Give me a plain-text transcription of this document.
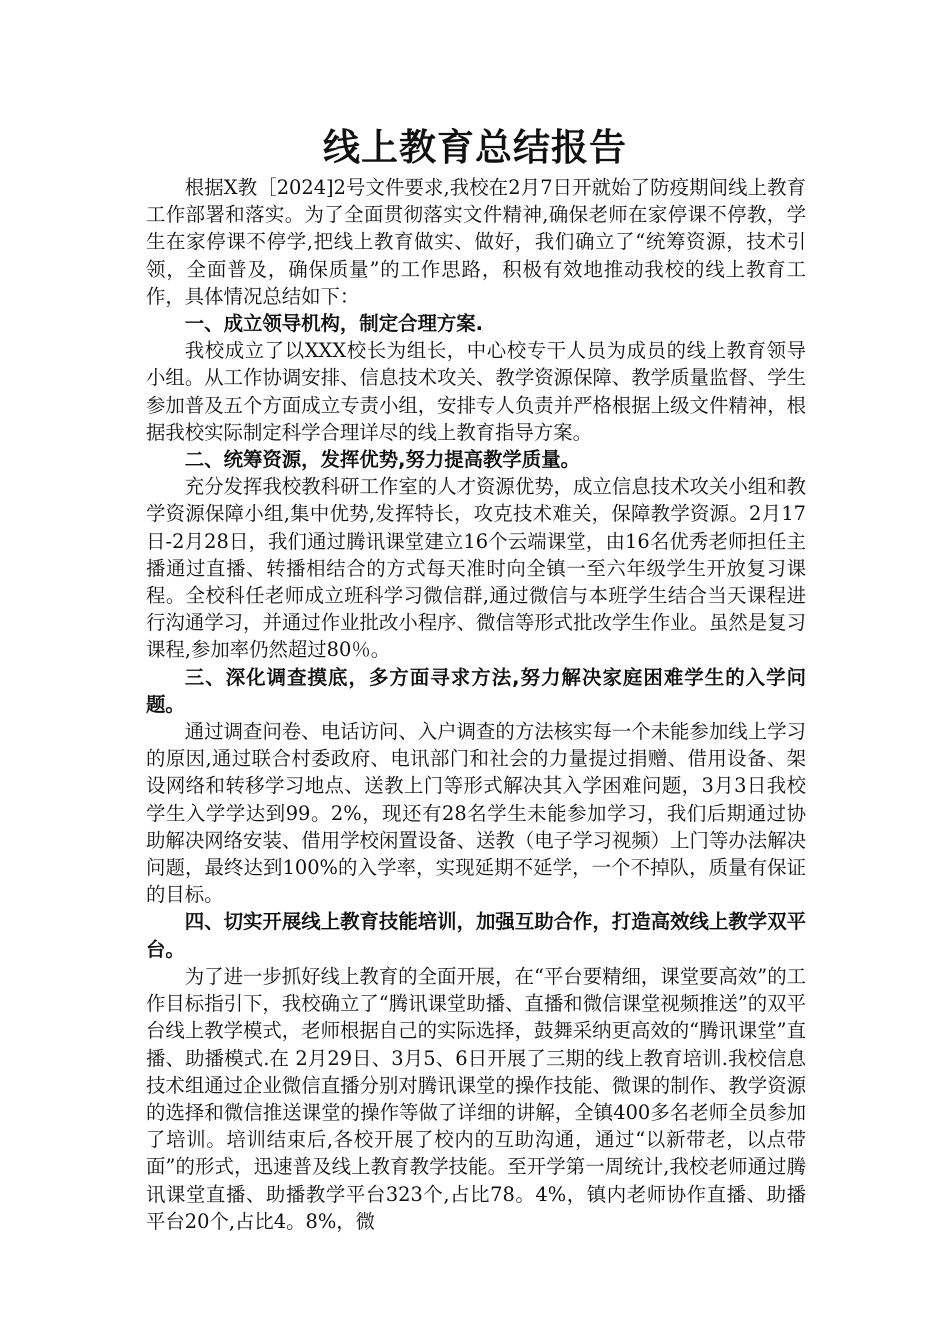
线上教育总结报告

根据X教［2024]2号文件要求,我校在2月7日开就始了防疫期间线上教育工作部署和落实。为了全面贯彻落实文件精神,确保老师在家停课不停教，学生在家停课不停学,把线上教育做实、做好，我们确立了“统筹资源，技术引领，全面普及，确保质量”的工作思路，积极有效地推动我校的线上教育工作，具体情况总结如下：

一、成立领导机构，制定合理方案.

我校成立了以XXX校长为组长，中心校专干人员为成员的线上教育领导小组。从工作协调安排、信息技术攻关、教学资源保障、教学质量监督、学生参加普及五个方面成立专责小组，安排专人负责并严格根据上级文件精神，根据我校实际制定科学合理详尽的线上教育指导方案。

二、统筹资源，发挥优势,努力提高教学质量。

充分发挥我校教科研工作室的人才资源优势，成立信息技术攻关小组和教学资源保障小组,集中优势,发挥特长，攻克技术难关，保障教学资源。2月17日-2月28日，我们通过腾讯课堂建立16个云端课堂，由16名优秀老师担任主播通过直播、转播相结合的方式每天准时向全镇一至六年级学生开放复习课程。全校科任老师成立班科学习微信群,通过微信与本班学生结合当天课程进行沟通学习，并通过作业批改小程序、微信等形式批改学生作业。虽然是复习课程,参加率仍然超过80％。

三、深化调查摸底，多方面寻求方法,努力解决家庭困难学生的入学问题。

通过调查问卷、电话访问、入户调查的方法核实每一个未能参加线上学习的原因,通过联合村委政府、电讯部门和社会的力量提过捐赠、借用设备、架设网络和转移学习地点、送教上门等形式解决其入学困难问题，3月3日我校学生入学学达到99。2%，现还有28名学生未能参加学习，我们后期通过协助解决网络安装、借用学校闲置设备、送教（电子学习视频）上门等办法解决问题，最终达到100%的入学率，实现延期不延学，一个不掉队，质量有保证的目标。

四、切实开展线上教育技能培训，加强互助合作，打造高效线上教学双平台。

为了进一步抓好线上教育的全面开展，在“平台要精细，课堂要高效”的工作目标指引下，我校确立了“腾讯课堂助播、直播和微信课堂视频推送”的双平台线上教学模式，老师根据自己的实际选择，鼓舞采纳更高效的“腾讯课堂”直播、助播模式.在 2月29日、3月5、6日开展了三期的线上教育培训.我校信息技术组通过企业微信直播分别对腾讯课堂的操作技能、微课的制作、教学资源的选择和微信推送课堂的操作等做了详细的讲解，全镇400多名老师全员参加了培训。培训结束后,各校开展了校内的互助沟通，通过“以新带老，以点带面”的形式，迅速普及线上教育教学技能。至开学第一周统计,我校老师通过腾讯课堂直播、助播教学平台323个,占比78。4%，镇内老师协作直播、助播平台20个,占比4。8%，微
